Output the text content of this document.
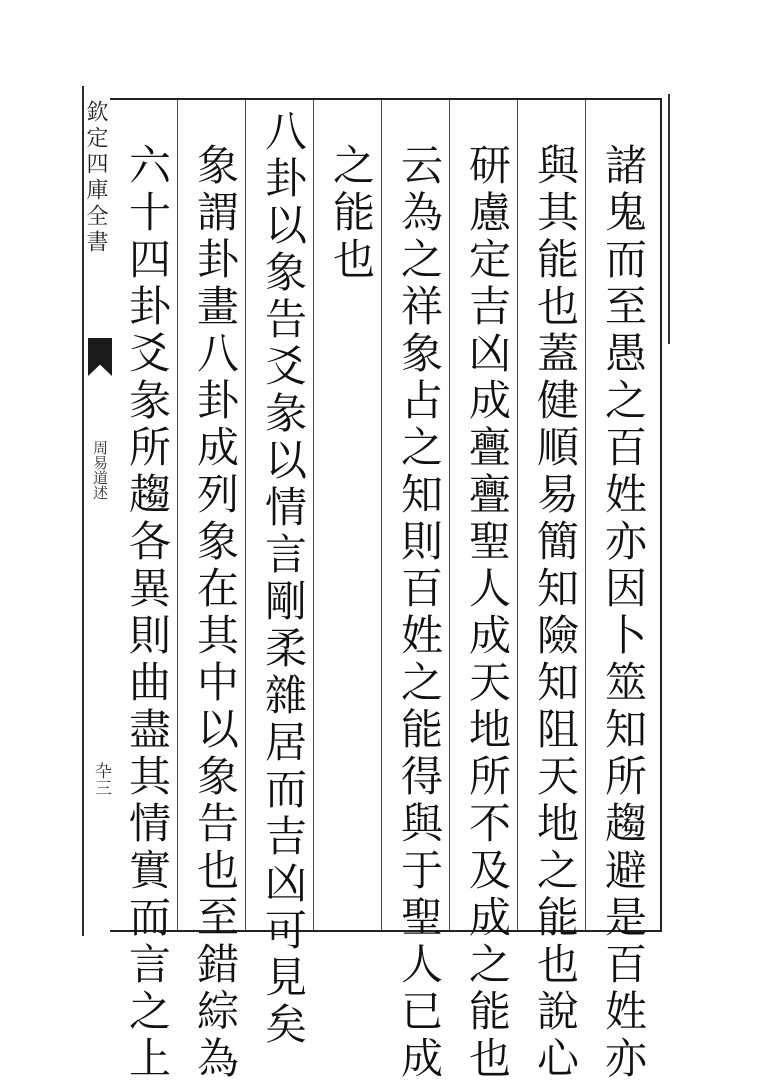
欽定四庫全書
周易道述
卆三
諸
鬼
而
至
愚
之
百
姓
亦
因
卜
筮
知
所
趨
避
是
百
姓
亦
與
其
能
也
蓋
健
順
易
簡
知
險
知
阻
天
地
之
能
也
說
心
研
慮
定
吉
凶
成
亹
亹
聖
人
成
天
地
所
不
及
成
之
能
也
云
為
之
祥
象
占
之
知
則
百
姓
之
能
得
與
于
聖
人
已
成
之
能
也
八
卦
以
象
告
爻
彖
以
情
言
剛
柔
雜
居
而
吉
凶
可
見
矣
象
謂
卦
畫
八
卦
成
列
象
在
其
中
以
象
告
也
至
錯
綜
為
六
十
四
卦
爻
彖
所
趨
各
異
則
曲
盡
其
情
實
而
言
之
上
